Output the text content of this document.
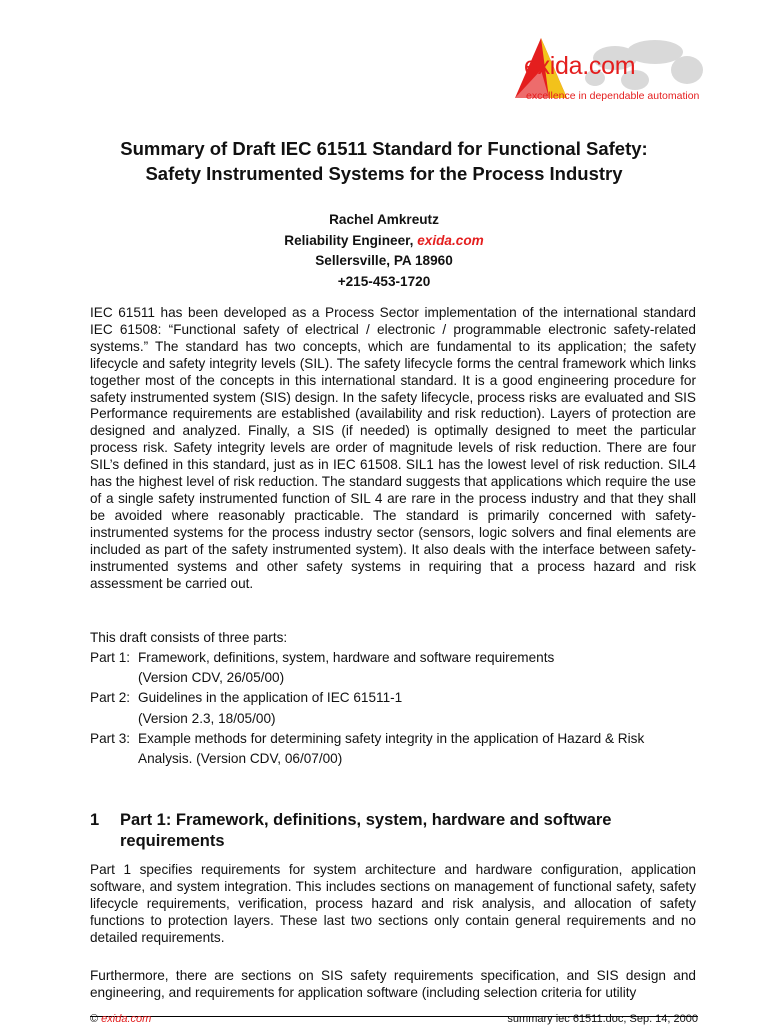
exida.com
excellence in dependable automation
Summary of Draft IEC 61511 Standard for Functional Safety:
Safety Instrumented Systems for the Process Industry
Rachel Amkreutz
Reliability Engineer, exida.com
Sellersville, PA 18960
+215-453-1720

IEC 61511 has been developed as a Process Sector implementation of the international standard IEC 61508: “Functional safety of electrical / electronic / programmable electronic safety-related systems.” The standard has two concepts, which are fundamental to its application; the safety lifecycle and safety integrity levels (SIL). The safety lifecycle forms the central framework which links together most of the concepts in this international standard. It is a good engineering procedure for safety instrumented system (SIS) design. In the safety lifecycle, process risks are evaluated and SIS Performance requirements are established (availability and risk reduction). Layers of protection are designed and analyzed. Finally, a SIS (if needed) is optimally designed to meet the particular process risk. Safety integrity levels are order of magnitude levels of risk reduction. There are four SIL’s defined in this standard, just as in IEC 61508. SIL1 has the lowest level of risk reduction. SIL4 has the highest level of risk reduction. The standard suggests that applications which require the use of a single safety instrumented function of SIL 4 are rare in the process industry and that they shall be avoided where reasonably practicable. The standard is primarily concerned with safety-instrumented systems for the process industry sector (sensors, logic solvers and final elements are included as part of the safety instrumented system). It also deals with the interface between safety-instrumented systems and other safety systems in requiring that a process hazard and risk assessment be carried out.

This draft consists of three parts:
Part 1: Framework, definitions, system, hardware and software requirements
(Version CDV, 26/05/00)
Part 2: Guidelines in the application of IEC 61511-1
(Version 2.3, 18/05/00)
Part 3: Example methods for determining safety integrity in the application of Hazard & Risk
Analysis. (Version CDV, 06/07/00)
1	Part 1: Framework, definitions, system, hardware and software requirements

Part 1 specifies requirements for system architecture and hardware configuration, application software, and system integration. This includes sections on management of functional safety, safety lifecycle requirements, verification, process hazard and risk analysis, and allocation of safety functions to protection layers. These last two sections only contain general requirements and no detailed requirements.

Furthermore, there are sections on SIS safety requirements specification, and SIS design and engineering, and requirements for application software (including selection criteria for utility

© exida.com	summary iec 61511.doc, Sep. 14, 2000
